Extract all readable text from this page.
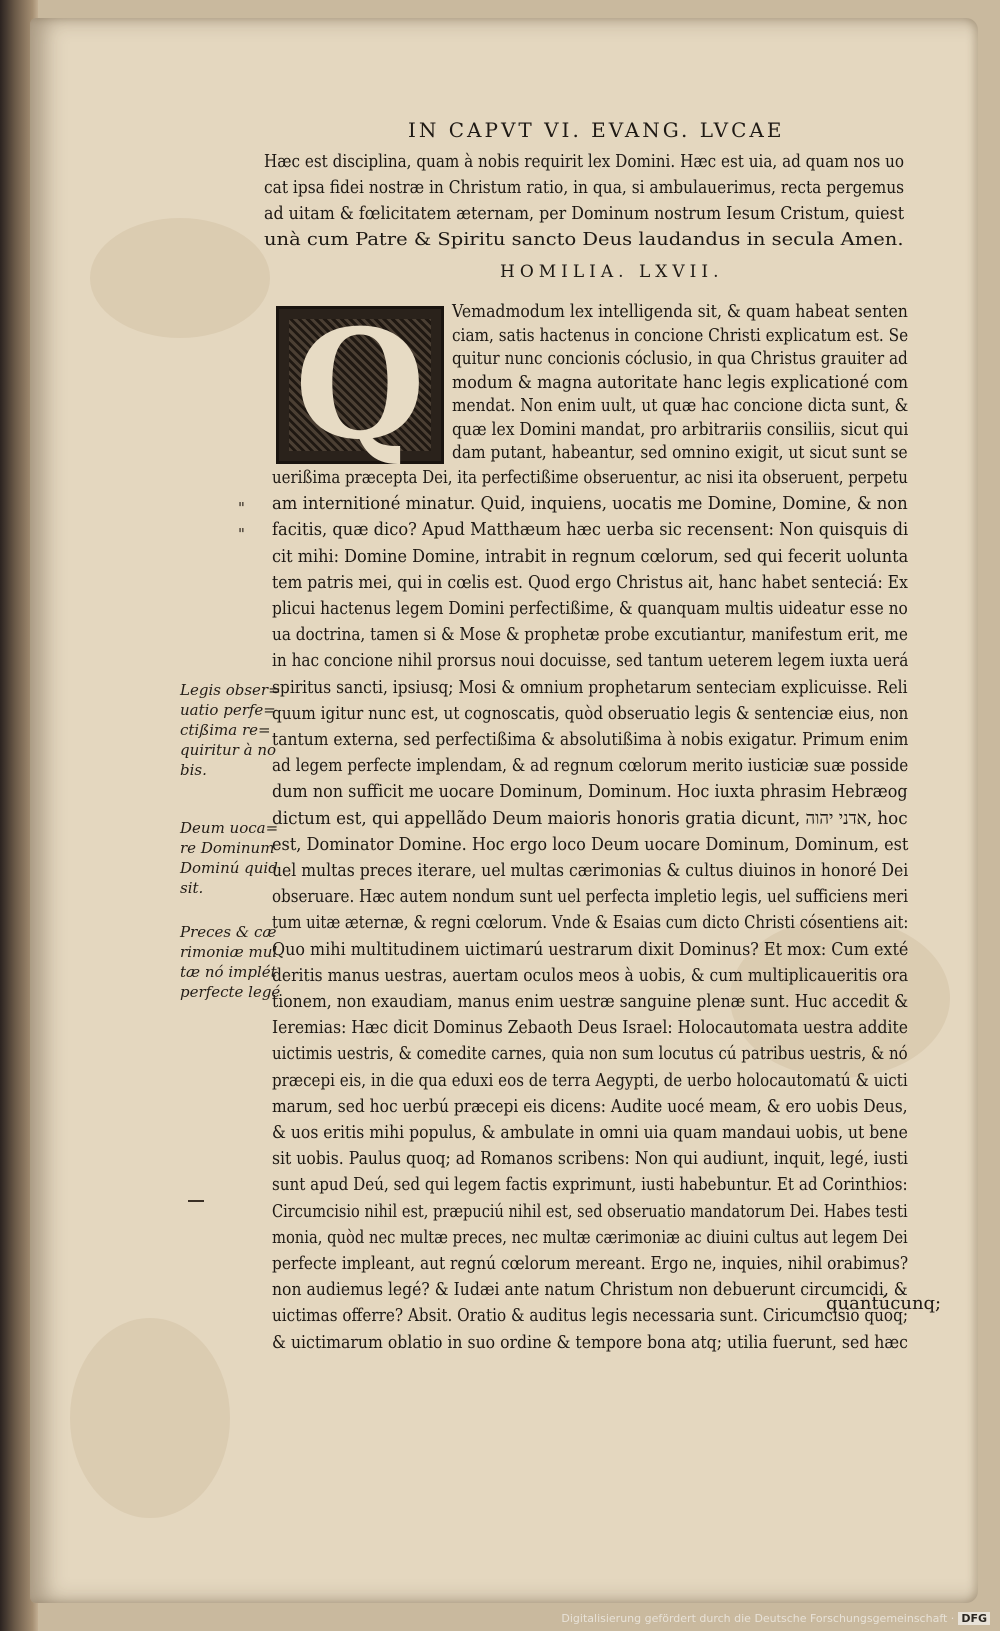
IN CAPVT VI. EVANG. LVCAE
Hæc est disciplina, quam à nobis requirit lex Domini. Hæc est uia, ad quam nos uo
cat ipsa fidei nostræ in Christum ratio, in qua, si ambulauerimus, recta pergemus
ad uitam & fœlicitatem æternam, per Dominum nostrum Iesum Cristum, quiest
unà cum Patre & Spiritu sancto Deus laudandus in secula Amen.
HOMILIA. LXVII.
Q	Vemadmodum lex intelligenda sit, & quam habeat senten
ciam, satis hactenus in concione Christi explicatum est. Se
quitur nunc concionis cóclusio, in qua Christus grauiter ad
modum & magna autoritate hanc legis explicationé com
mendat. Non enim uult, ut quæ hac concione dicta sunt, &
quæ lex Domini mandat, pro arbitrariis consiliis, sicut qui
dam putant, habeantur, sed omnino exigit, ut sicut sunt se
uerißima præcepta Dei, ita perfectißime obseruentur, ac nisi ita obseruent, perpetu
am internitioné minatur. Quid, inquiens, uocatis me Domine, Domine, & non
facitis, quæ dico? Apud Matthæum hæc uerba sic recensent: Non quisquis di
cit mihi: Domine Domine, intrabit in regnum cœlorum, sed qui fecerit uolunta
tem patris mei, qui in cœlis est. Quod ergo Christus ait, hanc habet senteciá: Ex
plicui hactenus legem Domini perfectißime, & quanquam multis uideatur esse no
ua doctrina, tamen si & Mose & prophetæ probe excutiantur, manifestum erit, me
in hac concione nihil prorsus noui docuisse, sed tantum ueterem legem iuxta uerá
spiritus sancti, ipsiusq; Mosi & omnium prophetarum senteciam explicuisse. Reli
quum igitur nunc est, ut cognoscatis, quòd obseruatio legis & sentenciæ eius, non
tantum externa, sed perfectißima & absolutißima à nobis exigatur. Primum enim
ad legem perfecte implendam, & ad regnum cœlorum merito iusticiæ suæ posside
dum non sufficit me uocare Dominum, Dominum. Hoc iuxta phrasim Hebræog
dictum est, qui appellãdo Deum maioris honoris gratia dicunt, אדני יהוה, hoc
est, Dominator Domine. Hoc ergo loco Deum uocare Dominum, Dominum, est
uel multas preces iterare, uel multas cærimonias & cultus diuinos in honoré Dei
obseruare. Hæc autem nondum sunt uel perfecta impletio legis, uel sufficiens meri
tum uitæ æternæ, & regni cœlorum. Vnde & Esaias cum dicto Christi cósentiens ait:
Quo mihi multitudinem uictimarú uestrarum dixit Dominus? Et mox: Cum exté
deritis manus uestras, auertam oculos meos à uobis, & cum multiplicaueritis ora
tionem, non exaudiam, manus enim uestræ sanguine plenæ sunt. Huc accedit &
Ieremias: Hæc dicit Dominus Zebaoth Deus Israel: Holocautomata uestra addite
uictimis uestris, & comedite carnes, quia non sum locutus cú patribus uestris, & nó
præcepi eis, in die qua eduxi eos de terra Aegypti, de uerbo holocautomatú & uicti
marum, sed hoc uerbú præcepi eis dicens: Audite uocé meam, & ero uobis Deus,
& uos eritis mihi populus, & ambulate in omni uia quam mandaui uobis, ut bene
sit uobis. Paulus quoq; ad Romanos scribens: Non qui audiunt, inquit, legé, iusti
sunt apud Deú, sed qui legem factis exprimunt, iusti habebuntur. Et ad Corinthios:
Circumcisio nihil est, præpuciú nihil est, sed obseruatio mandatorum Dei. Habes testi
monia, quòd nec multæ preces, nec multæ cærimoniæ ac diuini cultus aut legem Dei
perfecte impleant, aut regnú cœlorum mereant. Ergo ne, inquies, nihil orabimus?
non audiemus legé? & Iudæi ante natum Christum non debuerunt circumcidi, &
uictimas offerre? Absit. Oratio & auditus legis necessaria sunt. Ciricumcisio quoq;
& uictimarum oblatio in suo ordine & tempore bona atq; utilia fuerunt, sed hæc
"
"
Legis obser=
uatio perfe=
ctißima re=
quiritur à no
bis.
Deum uoca=
re Dominum
Dominú quid
sit.
Preces & cæ
rimoniæ mul
tæ nó implét
perfecte legé
quantúcunq;
Digitalisierung gefördert durch die Deutsche Forschungsgemeinschaft · DFG
